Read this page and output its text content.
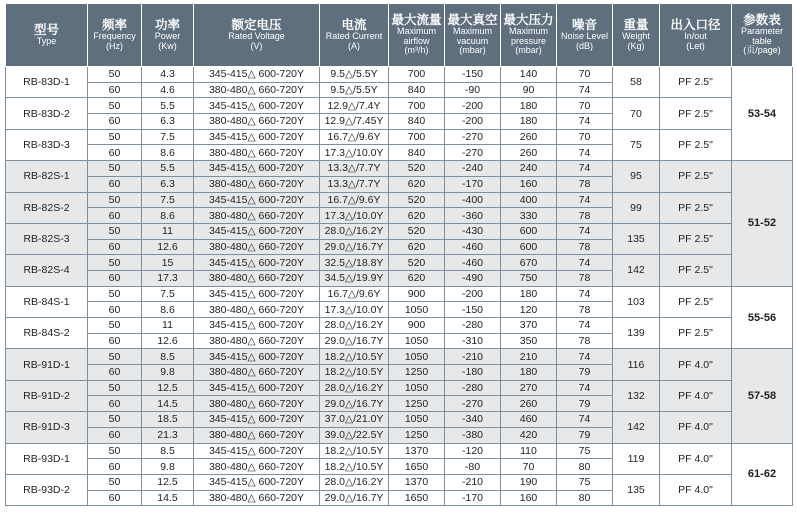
型号
Type	频率
Frequency
(Hz)	功率
Power
(Kw)	额定电压
Rated Voltage
(V)	电流
Rated Current
(A)	最大流量
Maximum
airflow
(m³/h)	最大真空
Maximum
vacuum
(mbar)	最大压力
Maximum
pressure
(mbar)	噪音
Noise Level
(dB)	重量
Weight
(Kg)	出入口径
In/out
(Let)	参数表
Parameter
table
(页/page)

RB-83D-1	50	4.3	345-415△ 600-720Y	9.5△/5.5Y	700	-150	140	70	58	PF 2.5"	53-54
	60	4.6	380-480△ 660-720Y	9.5△/5.5Y	840	-90	90	74			
RB-83D-2	50	5.5	345-415△ 600-720Y	12.9△/7.4Y	700	-200	180	70	70	PF 2.5"	
	60	6.3	380-480△ 660-720Y	12.9△/7.45Y	840	-200	180	74			
RB-83D-3	50	7.5	345-415△ 600-720Y	16.7△/9.6Y	700	-270	260	70	75	PF 2.5"	
	60	8.6	380-480△ 660-720Y	17.3△/10.0Y	840	-270	260	74			
RB-82S-1	50	5.5	345-415△ 600-720Y	13.3△/7.7Y	520	-240	240	74	95	PF 2.5"	51-52
	60	6.3	380-480△ 660-720Y	13.3△/7.7Y	620	-170	160	78			
RB-82S-2	50	7.5	345-415△ 600-720Y	16.7△/9.6Y	520	-400	400	74	99	PF 2.5"	
	60	8.6	380-480△ 660-720Y	17.3△/10.0Y	620	-360	330	78			
RB-82S-3	50	11	345-415△ 600-720Y	28.0△/16.2Y	520	-430	600	74	135	PF 2.5"	
	60	12.6	380-480△ 660-720Y	29.0△/16.7Y	620	-460	600	78			
RB-82S-4	50	15	345-415△ 600-720Y	32.5△/18.8Y	520	-460	670	74	142	PF 2.5"	
	60	17.3	380-480△ 660-720Y	34.5△/19.9Y	620	-490	750	78			
RB-84S-1	50	7.5	345-415△ 600-720Y	16.7△/9.6Y	900	-200	180	74	103	PF 2.5"	55-56
	60	8.6	380-480△ 660-720Y	17.3△/10.0Y	1050	-150	120	78			
RB-84S-2	50	11	345-415△ 600-720Y	28.0△/16.2Y	900	-280	370	74	139	PF 2.5"	
	60	12.6	380-480△ 660-720Y	29.0△/16.7Y	1050	-310	350	78			
RB-91D-1	50	8.5	345-415△ 600-720Y	18.2△/10.5Y	1050	-210	210	74	116	PF 4.0"	57-58
	60	9.8	380-480△ 660-720Y	18.2△/10.5Y	1250	-180	180	79			
RB-91D-2	50	12.5	345-415△ 600-720Y	28.0△/16.2Y	1050	-280	270	74	132	PF 4.0"	
	60	14.5	380-480△ 660-720Y	29.0△/16.7Y	1250	-270	260	79			
RB-91D-3	50	18.5	345-415△ 600-720Y	37.0△/21.0Y	1050	-340	460	74	142	PF 4.0"	
	60	21.3	380-480△ 660-720Y	39.0△/22.5Y	1250	-380	420	79			
RB-93D-1	50	8.5	345-415△ 600-720Y	18.2△/10.5Y	1370	-120	110	75	119	PF 4.0"	61-62
	60	9.8	380-480△ 660-720Y	18.2△/10.5Y	1650	-80	70	80			
RB-93D-2	50	12.5	345-415△ 600-720Y	28.0△/16.2Y	1370	-210	190	75	135	PF 4.0"	
	60	14.5	380-480△ 660-720Y	29.0△/16.7Y	1650	-170	160	80			
